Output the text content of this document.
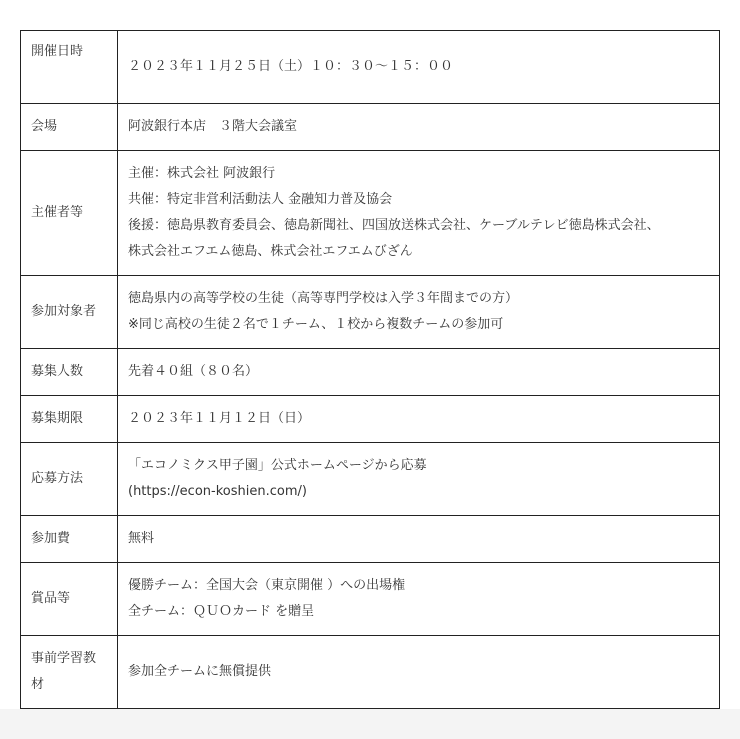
開催日時	２０２３年１１月２５日（土）１０：３０〜１５：００

会場	阿波銀行本店　３階大会議室

主催者等	主催：株式会社 阿波銀行
共催：特定非営利活動法人 金融知力普及協会
後援：徳島県教育委員会、徳島新聞社、四国放送株式会社、ケーブルテレビ徳島株式会社、
株式会社エフエム徳島、株式会社エフエムびざん

参加対象者	徳島県内の高等学校の生徒（高等専門学校は入学３年間までの方）
※同じ高校の生徒２名で１チーム、１校から複数チームの参加可

募集人数	先着４０組（８０名）

募集期限	２０２３年１１月１２日（日）

応募方法	「エコノミクス甲子園」公式ホームページから応募
(https://econ-koshien.com/)

参加費	無料

賞品等	優勝チーム：全国大会（東京開催 ）への出場権
全チーム：ＱＵＯカード を贈呈

事前学習教材	参加全チームに無償提供
